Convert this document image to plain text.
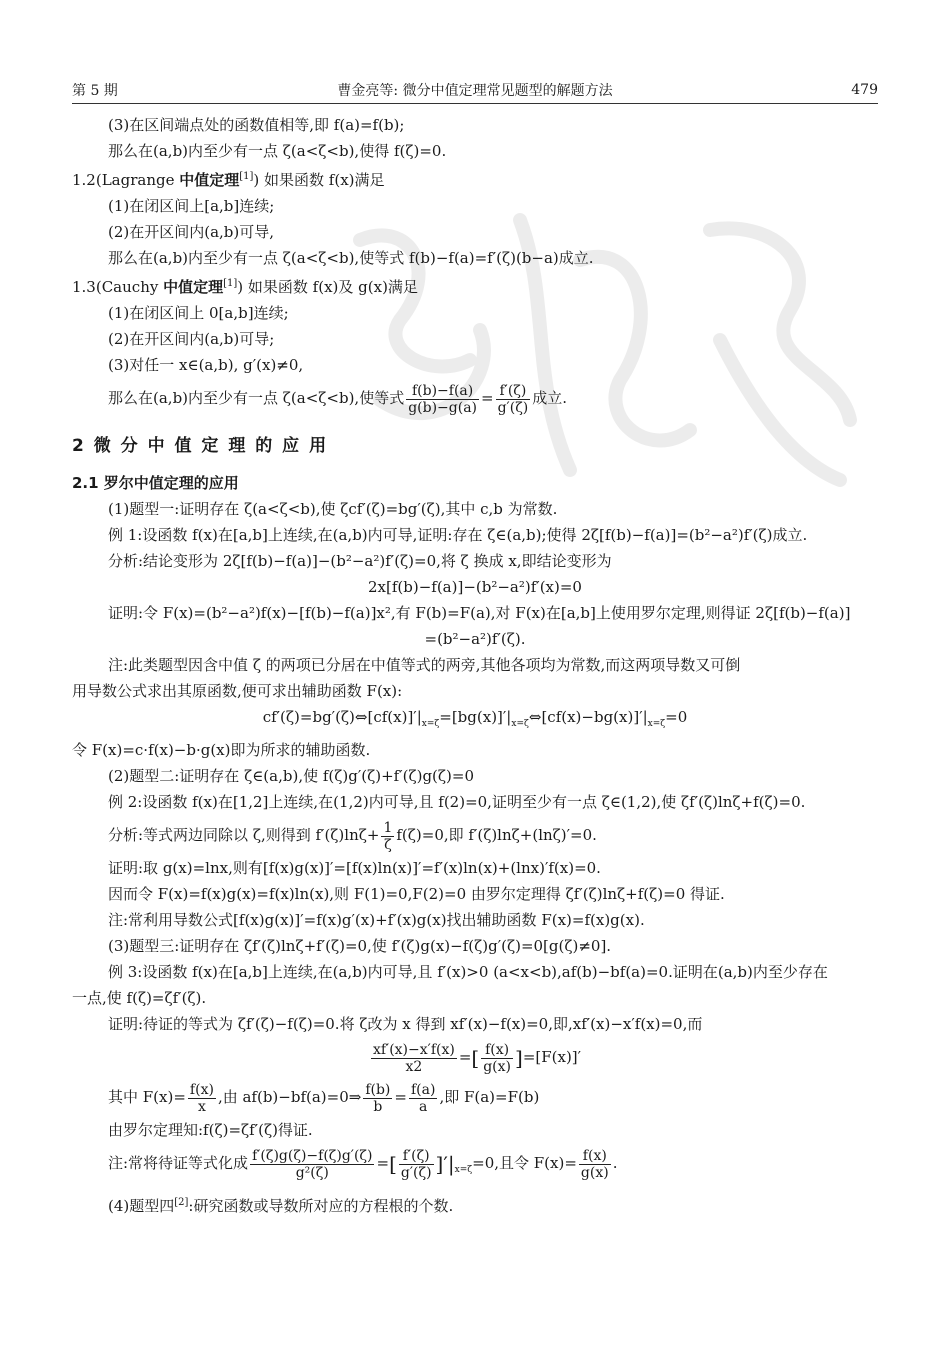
第 5 期	曹金亮等: 微分中值定理常见题型的解题方法	479
(3)在区间端点处的函数值相等,即 f(a)=f(b);
那么在(a,b)内至少有一点 ζ(a<ζ<b),使得 f(ζ)=0.
1.2(Lagrange 中值定理[1]) 如果函数 f(x)满足
(1)在闭区间上[a,b]连续;
(2)在开区间内(a,b)可导,
那么在(a,b)内至少有一点 ζ(a<ζ<b),使等式 f(b)−f(a)=f′(ζ)(b−a)成立.
1.3(Cauchy 中值定理[1]) 如果函数 f(x)及 g(x)满足
(1)在闭区间上 0[a,b]连续;
(2)在开区间内(a,b)可导;
(3)对任一 x∈(a,b), g′(x)≠0,
那么在(a,b)内至少有一点 ζ(a<ζ<b),使等式 $\frac{f(b)-f(a)}{g(b)-g(a)} = \frac{f'(\zeta)}{g'(\zeta)}$ 成立.
2 微 分 中 值 定 理 的 应 用
2.1 罗尔中值定理的应用
(1)题型一:证明存在 ζ(a<ζ<b),使 ζcf′(ζ)=bg′(ζ),其中 c,b 为常数.
例 1:设函数 f(x)在[a,b]上连续,在(a,b)内可导,证明:存在 ζ∈(a,b);使得 2ζ[f(b)−f(a)]=(b²−a²)f′(ζ)成立.
分析:结论变形为 2ζ[f(b)−f(a)]−(b²−a²)f′(ζ)=0,将 ζ 换成 x,即结论变形为
2x[f(b)−f(a)]−(b²−a²)f′(x)=0
证明:令 F(x)=(b²−a²)f(x)−[f(b)−f(a)]x²,有 F(b)=F(a),对 F(x)在[a,b]上使用罗尔定理,则得证 2ζ[f(b)−f(a)]
=(b²−a²)f′(ζ).
注:此类题型因含中值 ζ 的两项已分居在中值等式的两旁,其他各项均为常数,而这两项导数又可倒
用导数公式求出其原函数,便可求出辅助函数 F(x):
$cf'(\zeta)=bg'(\zeta)\Leftrightarrow[cf(x)]'|_{x=\zeta}=[bg(x)]'|_{x=\zeta}\Leftrightarrow[cf(x)-bg(x)]'|_{x=\zeta}=0$
令 F(x)=c·f(x)−b·g(x)即为所求的辅助函数.
(2)题型二:证明存在 ζ∈(a,b),使 f(ζ)g′(ζ)+f′(ζ)g(ζ)=0
例 2:设函数 f(x)在[1,2]上连续,在(1,2)内可导,且 f(2)=0,证明至少有一点 ζ∈(1,2),使 ζf′(ζ)lnζ+f(ζ)=0.
分析:等式两边同除以 ζ,则得到 $f'(\zeta)\ln\zeta+ \frac{1}{\zeta} f(\zeta)=0$,即 f′(ζ)lnζ+(lnζ)′=0.
证明:取 g(x)=lnx,则有[f(x)g(x)]′=[f(x)ln(x)]′=f′(x)ln(x)+(lnx)′f(x)=0.
因而令 F(x)=f(x)g(x)=f(x)ln(x),则 F(1)=0,F(2)=0 由罗尔定理得 ζf′(ζ)lnζ+f(ζ)=0 得证.
注:常利用导数公式[f(x)g(x)]′=f(x)g′(x)+f′(x)g(x)找出辅助函数 F(x)=f(x)g(x).
(3)题型三:证明存在 ζf′(ζ)lnζ+f′(ζ)=0,使 f′(ζ)g(x)−f(ζ)g′(ζ)=0[g(ζ)≠0].
例 3:设函数 f(x)在[a,b]上连续,在(a,b)内可导,且 f′(x)>0 (a<x<b),af(b)−bf(a)=0.证明在(a,b)内至少存在
一点,使 f(ζ)=ζf′(ζ).
证明:待证的等式为 ζf′(ζ)−f(ζ)=0.将 ζ改为 x 得到 xf′(x)−f(x)=0,即,xf′(x)−x′f(x)=0,而
$\frac{xf'(x)-x'f(x)}{x2}$ =[ $\frac{f(x)}{g(x)} ]=[F(x)]'$
其中 $F(x)= \frac{f(x)}{x}$ ,由 af(b)−bf(a)=0⇒ $\frac{f(b)}{b} = \frac{f(a)}{a}$ ,即 F(a)=F(b)
由罗尔定理知:f(ζ)=ζf′(ζ)得证.
注:常将待证等式化成 $\frac{f'(\zeta)g(\zeta)-f(\zeta)g'(\zeta)}{\text{g²(ζ)}}$ =[ $\frac{f'(\zeta)}{g'(\zeta)} ]'|_{x=\zeta}=0$,且令 $F(x)= \frac{f(x)}{g(x)}$ .
(4)题型四[2]:研究函数或导数所对应的方程根的个数.
